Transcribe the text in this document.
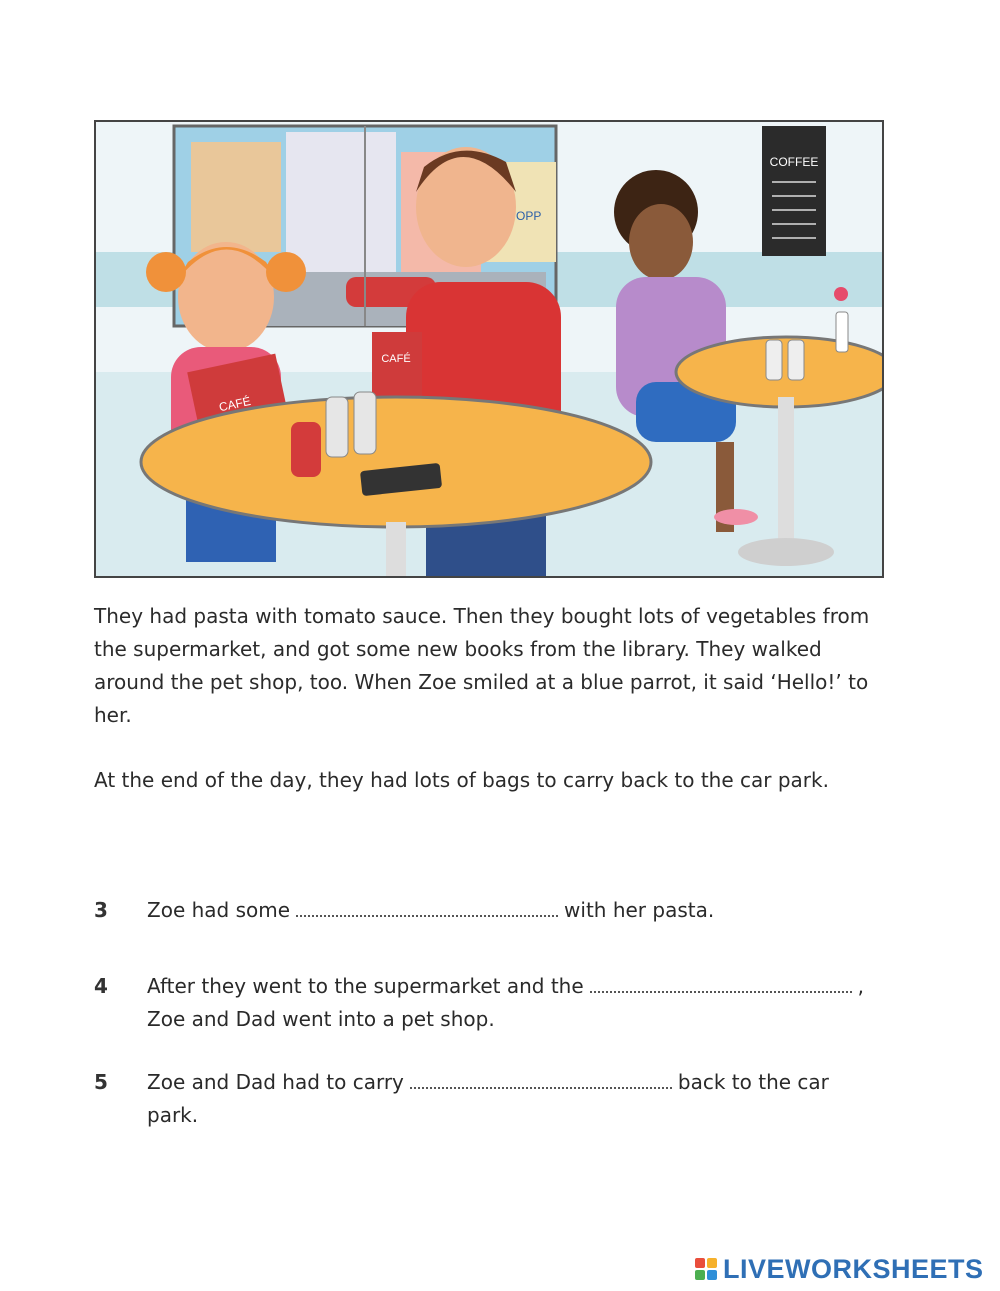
OPP
COFFEE
CAFÉ
CAFÉ

They had pasta with tomato sauce. Then they bought lots of vegetables from the supermarket, and got some new books from the library. They walked around the pet shop, too. When Zoe smiled at a blue parrot, it said ‘Hello!’ to her.

At the end of the day, they had lots of bags to carry back to the car park.

3	Zoe had some	with her pasta.
4	After they went to the supermarket and the	, Zoe and Dad went into a pet shop.
5	Zoe and Dad had to carry	back to the car park.
LIVEWORKSHEETS
